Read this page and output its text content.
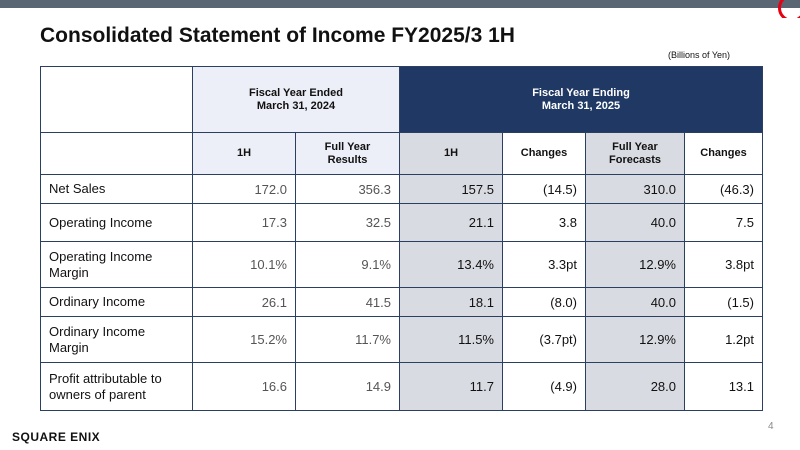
Consolidated Statement of Income FY2025/3 1H
(Billions of Yen)
	Fiscal Year Ended
March 31, 2024		Fiscal Year Ending
March 31, 2025			
	1H	Full Year
Results	1H	Changes	Full Year
Forecasts	Changes
Net Sales	172.0	356.3	157.5	(14.5)	310.0	(46.3)
Operating Income	17.3	32.5	21.1	3.8	40.0	7.5
Operating Income
Margin	10.1%	9.1%	13.4%	3.3pt	12.9%	3.8pt
Ordinary Income	26.1	41.5	18.1	(8.0)	40.0	(1.5)
Ordinary Income
Margin	15.2%	11.7%	11.5%	(3.7pt)	12.9%	1.2pt
Profit attributable to
owners of parent	16.6	14.9	11.7	(4.9)	28.0	13.1
SQUARE ENIX
4
